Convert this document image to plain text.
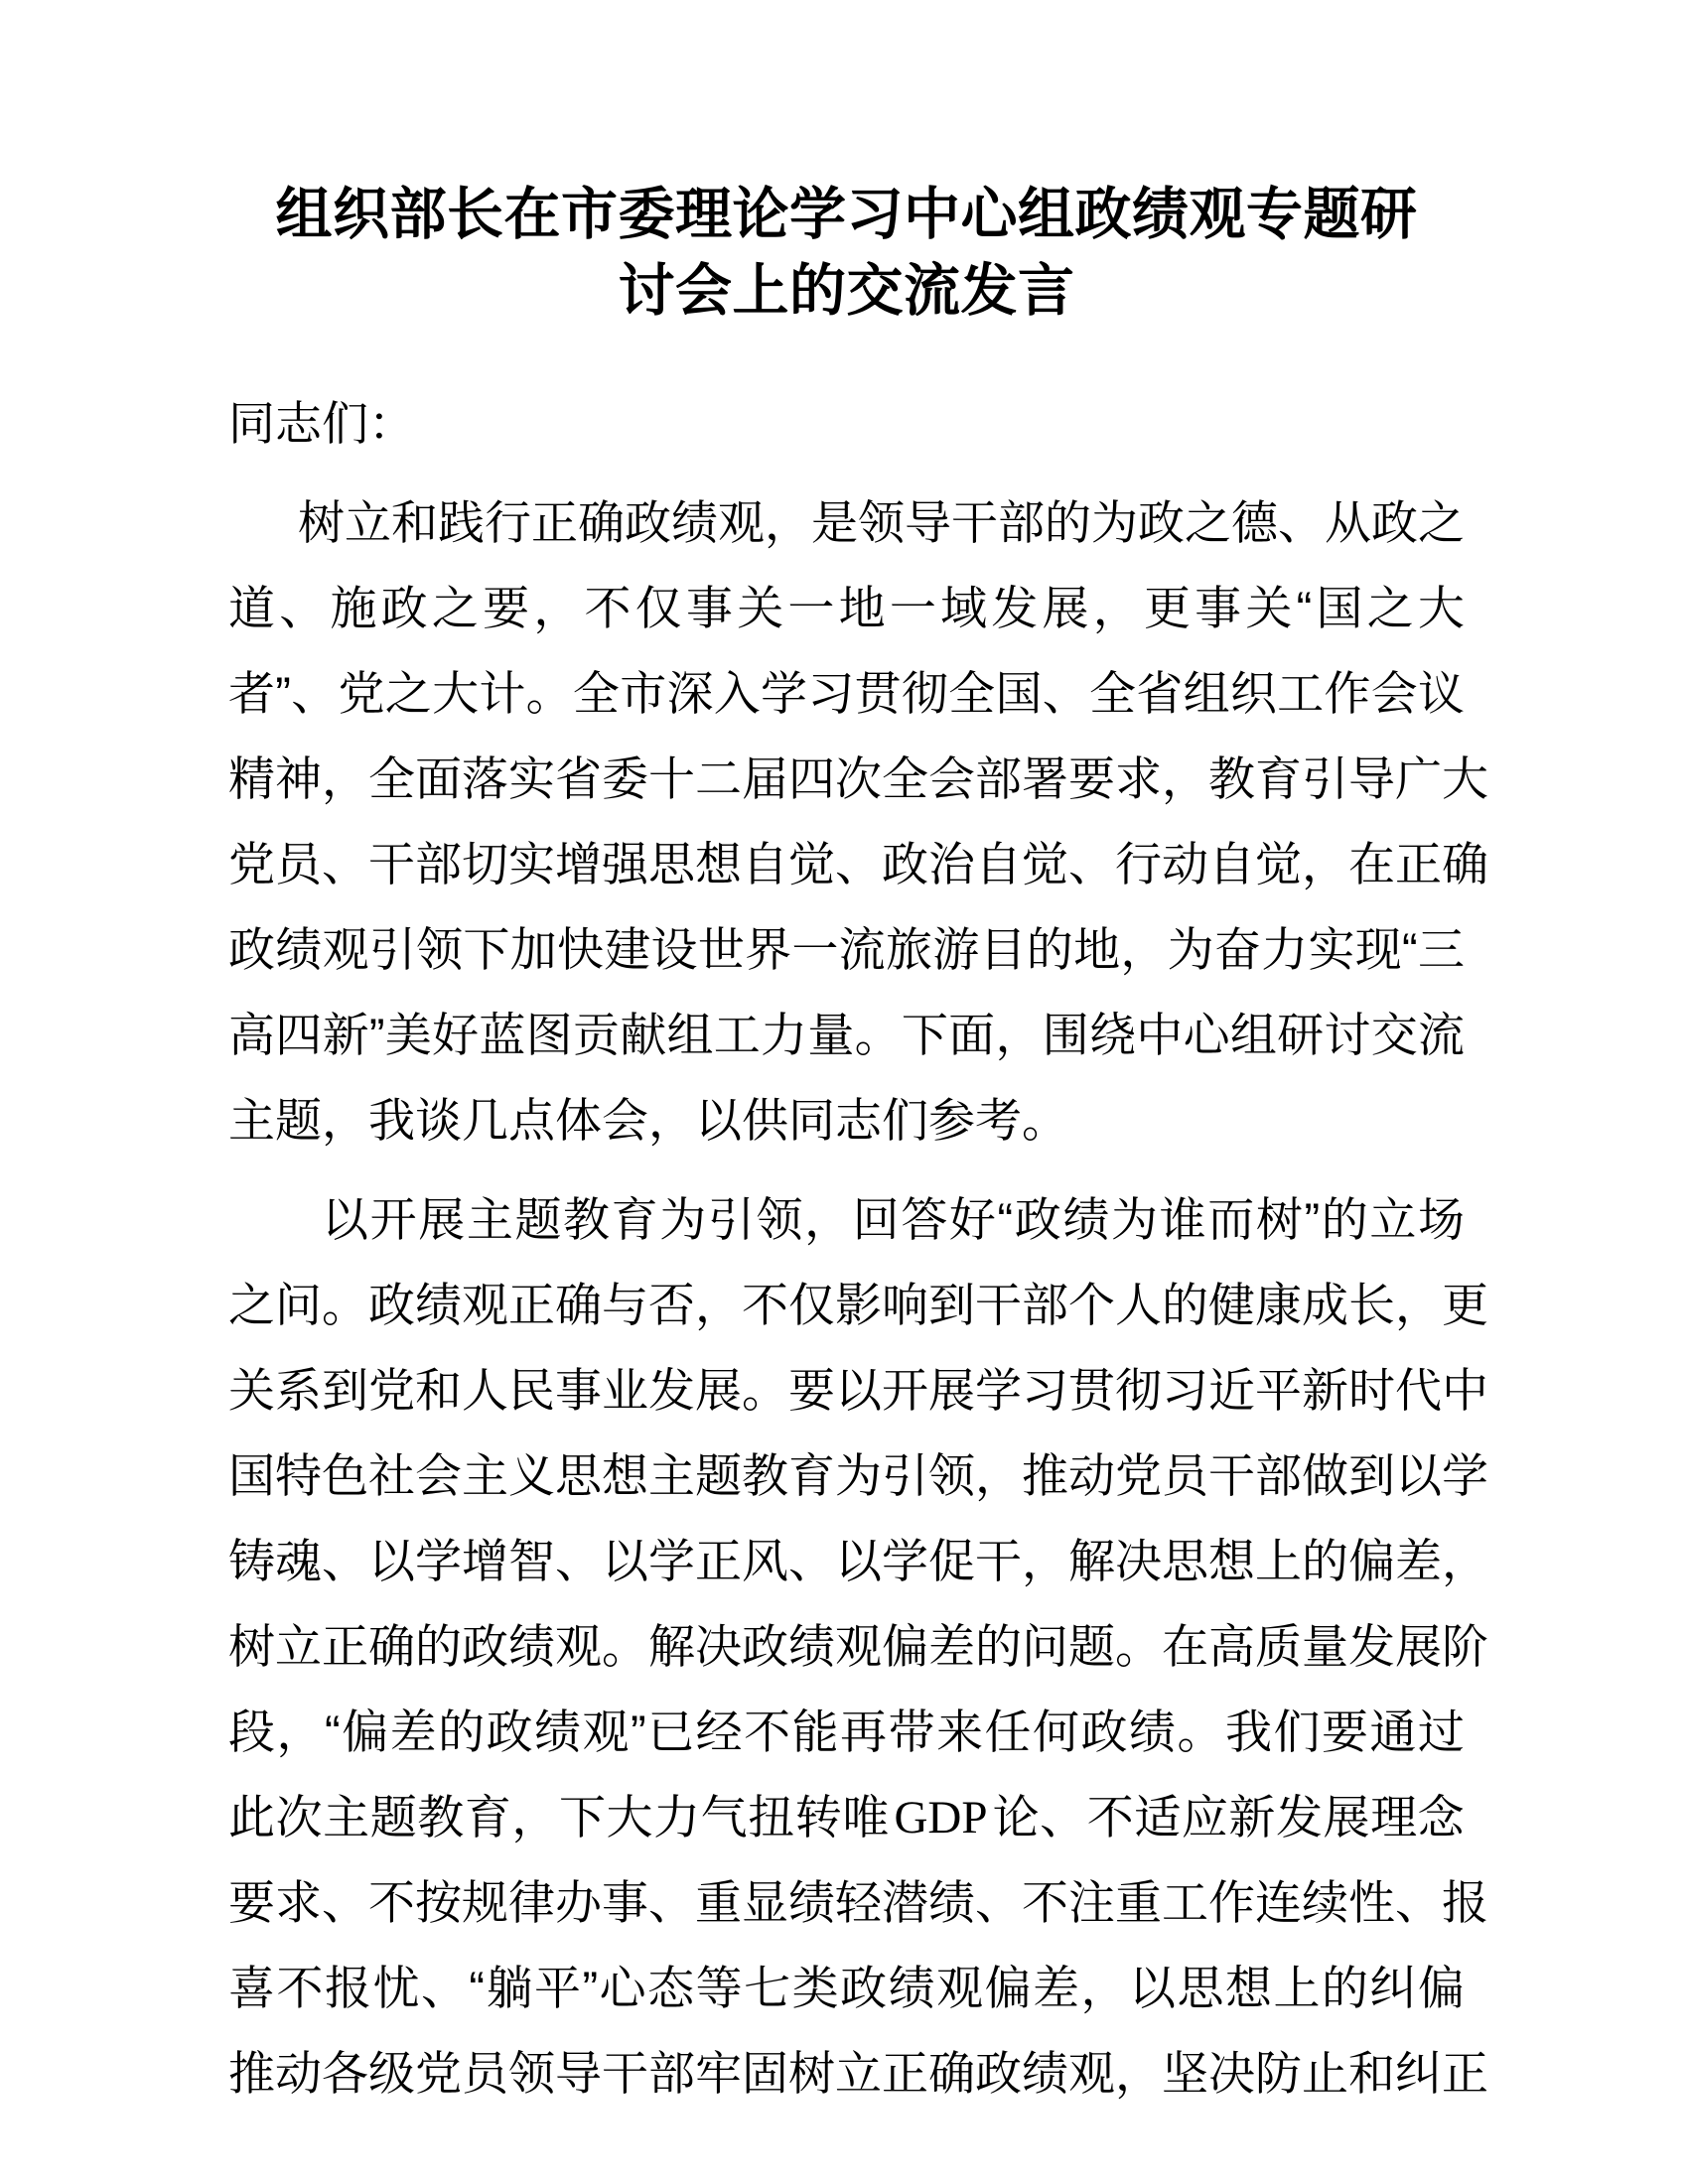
组织部长在市委理论学习中心组政绩观专题研
讨会上的交流发言

同志们：

树 立 和 践 行 正 确 政 绩 观 ， 是 领 导 干 部 的 为 政 之 德 、 从 政 之
道 、 施 政 之 要 ， 不 仅 事 关 一 地 一 域 发 展 ， 更 事 关 “ 国 之 大
者 ” 、 党 之 大 计 。 全 市 深 入 学 习 贯 彻 全 国 、 全 省 组 织 工 作 会 议
精 神 ， 全 面 落 实 省 委 十 二 届 四 次 全 会 部 署 要 求 ， 教 育 引 导 广 大
党 员 、 干 部 切 实 增 强 思 想 自 觉 、 政 治 自 觉 、 行 动 自 觉 ， 在 正 确
政 绩 观 引 领 下 加 快 建 设 世 界 一 流 旅 游 目 的 地 ， 为 奋 力 实 现 “ 三
高 四 新 ” 美 好 蓝 图 贡 献 组 工 力 量 。 下 面 ， 围 绕 中 心 组 研 讨 交 流
主题，我谈几点体会，以供同志们参考。
以 开 展 主 题 教 育 为 引 领 ， 回 答 好 “ 政 绩 为 谁 而 树 ” 的 立 场
之 问 。 政 绩 观 正 确 与 否 ， 不 仅 影 响 到 干 部 个 人 的 健 康 成 长 ， 更
关 系 到 党 和 人 民 事 业 发 展 。 要 以 开 展 学 习 贯 彻 习 近 平 新 时 代 中
国 特 色 社 会 主 义 思 想 主 题 教 育 为 引 领 ， 推 动 党 员 干 部 做 到 以 学
铸 魂 、 以 学 增 智 、 以 学 正 风 、 以 学 促 干 ， 解 决 思 想 上 的 偏 差 ，
树 立 正 确 的 政 绩 观 。 解 决 政 绩 观 偏 差 的 问 题 。 在 高 质 量 发 展 阶
段 ， “ 偏 差 的 政 绩 观 ” 已 经 不 能 再 带 来 任 何 政 绩 。 我 们 要 通 过
此 次 主 题 教 育 ， 下 大 力 气 扭 转 唯 GDP 论 、 不 适 应 新 发 展 理 念
要 求 、 不 按 规 律 办 事 、 重 显 绩 轻 潜 绩 、 不 注 重 工 作 连 续 性 、 报
喜 不 报 忧 、 “ 躺 平 ” 心 态 等 七 类 政 绩 观 偏 差 ， 以 思 想 上 的 纠 偏
推 动 各 级 党 员 领 导 干 部 牢 固 树 立 正 确 政 绩 观 ， 坚 决 防 止 和 纠 正
